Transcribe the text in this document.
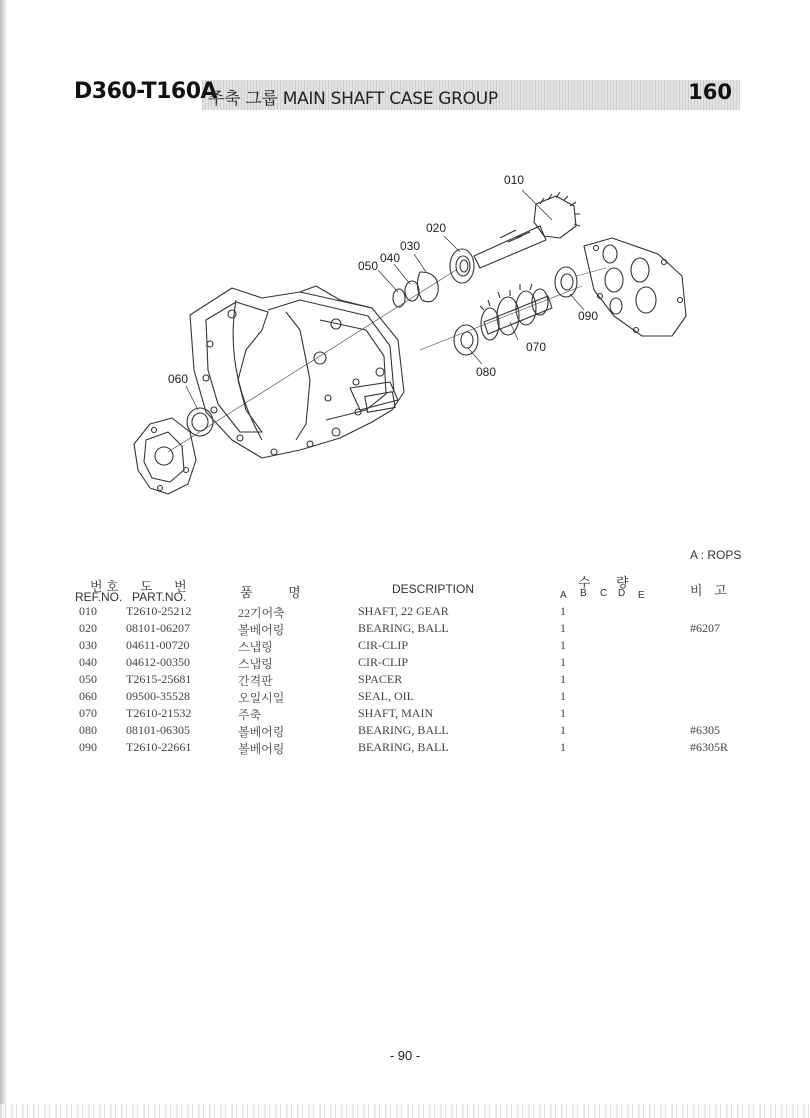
D360-T160A
주축 그룹 MAIN SHAFT CASE GROUP	160
010
020
030
040
050
060
070
080
090
A : ROPS
번 호
REF.NO.
도 번
PART.NO.	품 명	DESCRIPTION	수 량
A B C D E	비 고
010 T2610-25212	22기어축	SHAFT, 22 GEAR	1
020 08101-06207	볼베어링	BEARING, BALL	1	#6207
030 04611-00720	스냅링	CIR-CLIP	1
040 04612-00350	스냅링	CIR-CLIP	1
050 T2615-25681	간격판	SPACER	1
060 09500-35528	오일시일	SEAL, OIL	1
070 T2610-21532	주축	SHAFT, MAIN	1
080 08101-06305	볼베어링	BEARING, BALL	1	#6305
090 T2610-22661	볼베어링	BEARING, BALL	1	#6305R
- 90 -
